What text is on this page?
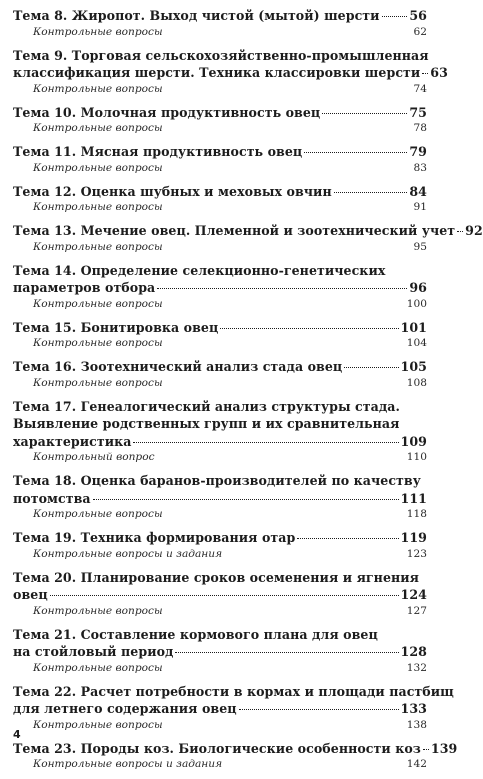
Тема 8. Жиропот. Выход чистой (мытой) шерсти 56
Контрольные вопросы	62
Тема 9. Торговая сельскохозяйственно-промышленная
классификация шерсти. Техника классировки шерсти 63
Контрольные вопросы	74
Тема 10. Молочная продуктивность овец	75
Контрольные вопросы	78
Тема 11. Мясная продуктивность овец	79
Контрольные вопросы	83
Тема 12. Оценка шубных и меховых овчин	84
Контрольные вопросы	91
Тема 13. Мечение овец. Племенной и зоотехнический учет 92
Контрольные вопросы	95
Тема 14. Определение селекционно-генетических
параметров отбора	96
Контрольные вопросы	100
Тема 15. Бонитировка овец	101
Контрольные вопросы	104
Тема 16. Зоотехнический анализ стада овец	105
Контрольные вопросы	108
Тема 17. Генеалогический анализ структуры стада.
Выявление родственных групп и их сравнительная
характеристика	109
Контрольный вопрос	110
Тема 18. Оценка баранов-производителей по качеству
потомства	111
Контрольные вопросы	118
Тема 19. Техника формирования отар	119
Контрольные вопросы и задания	123
Тема 20. Планирование сроков осеменения и ягнения
овец	124
Контрольные вопросы	127
Тема 21. Составление кормового плана для овец
на стойловый период	128
Контрольные вопросы	132
Тема 22. Расчет потребности в кормах и площади пастбищ
для летнего содержания овец	133
Контрольные вопросы	138
Тема 23. Породы коз. Биологические особенности коз 139
Контрольные вопросы и задания	142
4
